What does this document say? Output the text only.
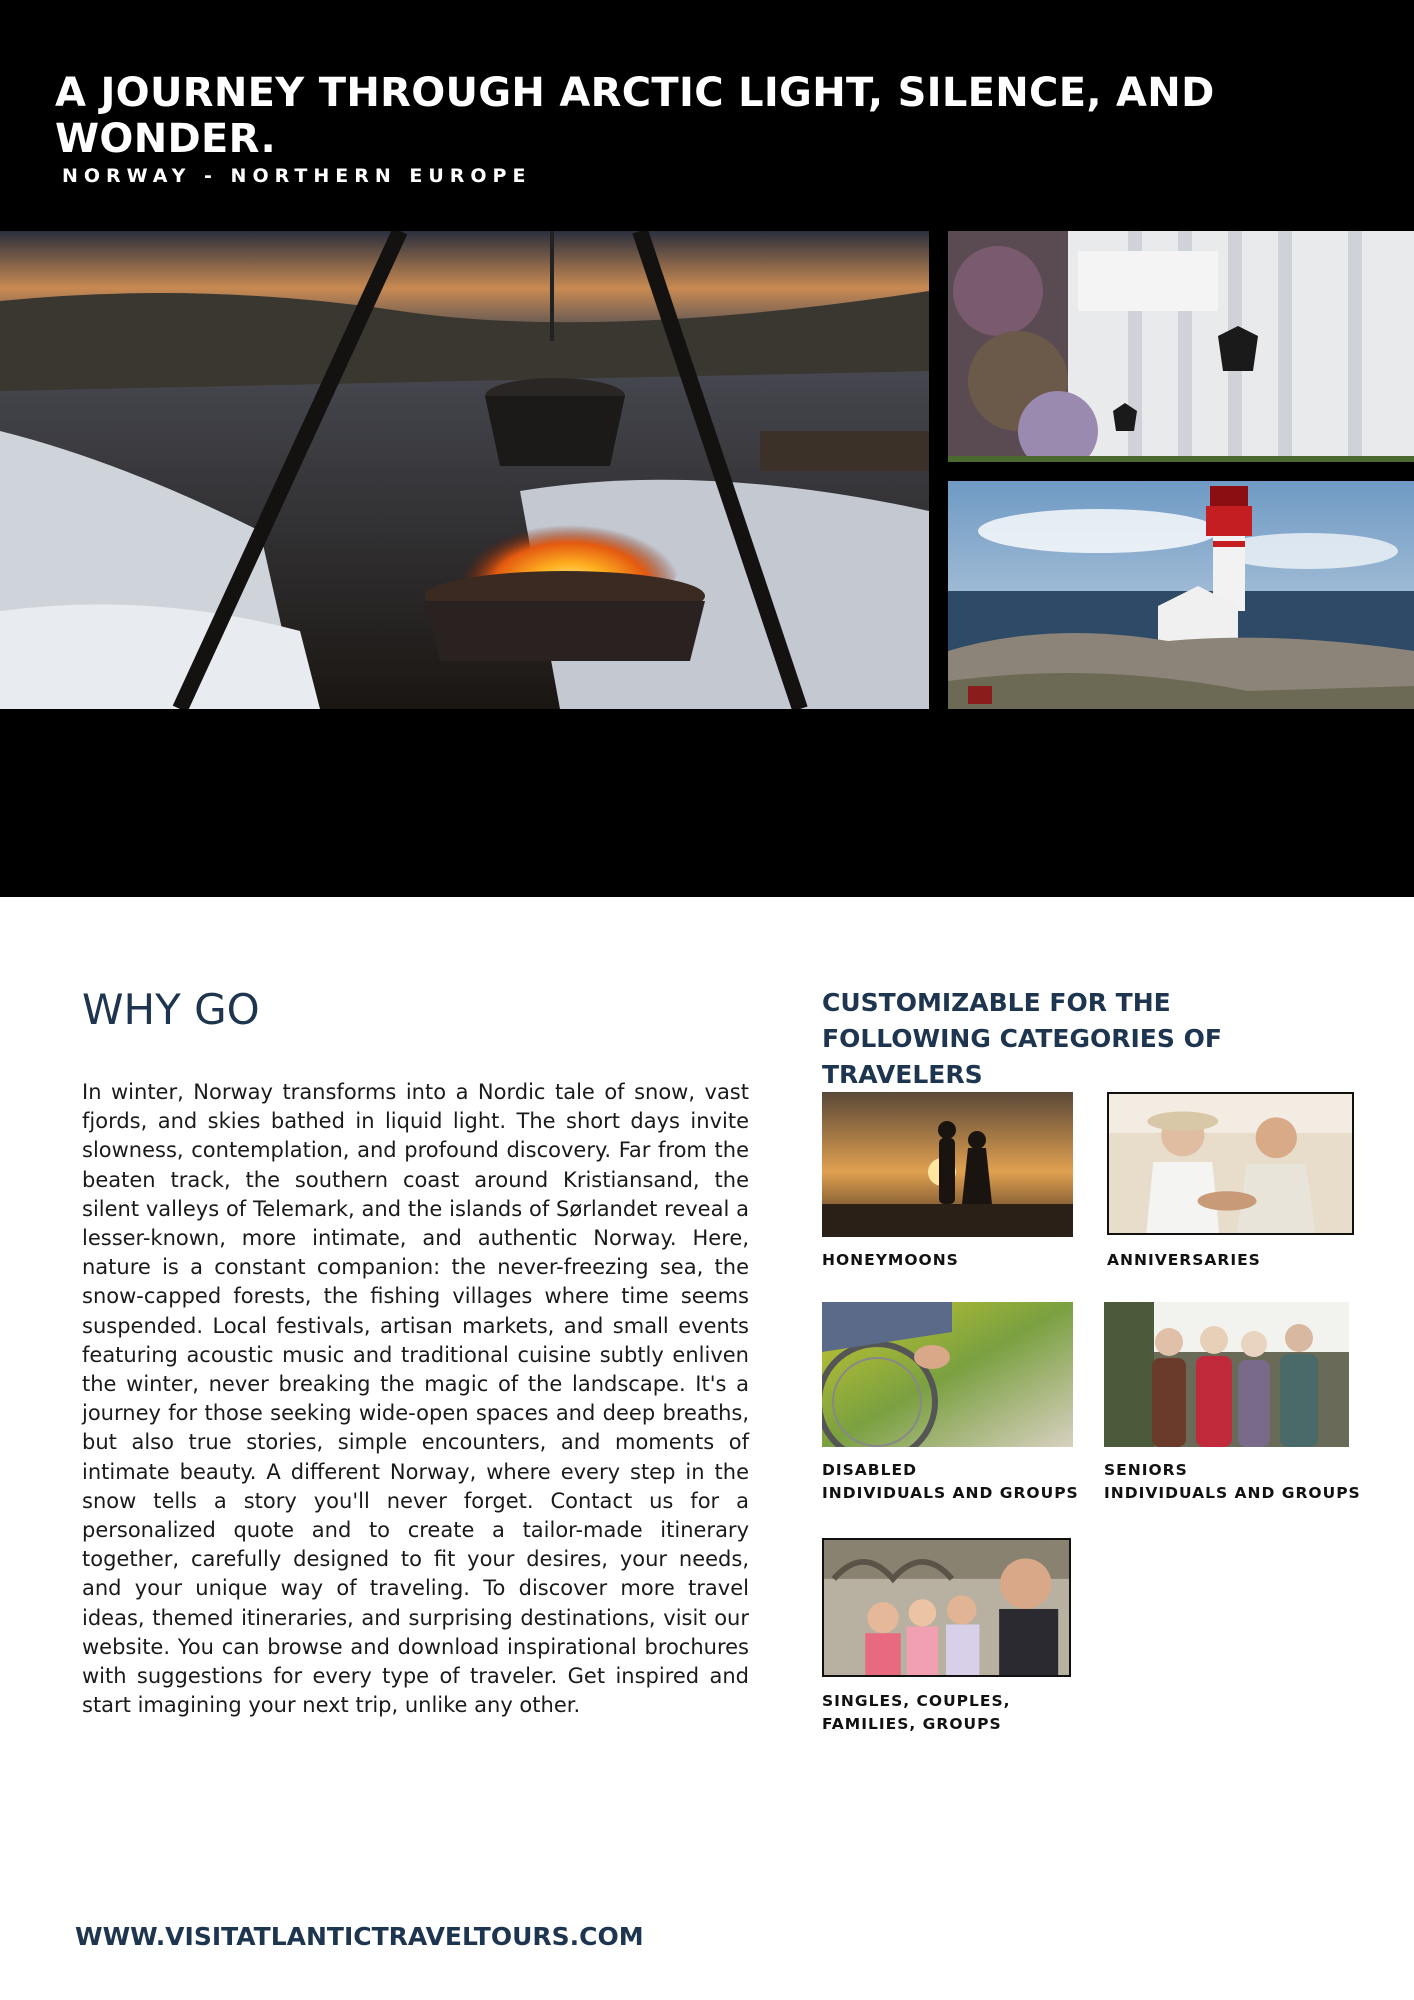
A JOURNEY THROUGH ARCTIC LIGHT, SILENCE, AND WONDER.

NORWAY - NORTHERN EUROPE

WHY GO

In winter, Norway transforms into a Nordic tale of snow, vast fjords, and skies bathed in liquid light. The short days invite slowness, contemplation, and profound discovery. Far from the beaten track, the southern coast around Kristiansand, the silent valleys of Telemark, and the islands of Sørlandet reveal a lesser-known, more intimate, and authentic Norway. Here, nature is a constant companion: the never-freezing sea, the snow-capped forests, the fishing villages where time seems suspended. Local festivals, artisan markets, and small events featuring acoustic music and traditional cuisine subtly enliven the winter, never breaking the magic of the landscape. It's a journey for those seeking wide-open spaces and deep breaths, but also true stories, simple encounters, and moments of intimate beauty. A different Norway, where every step in the snow tells a story you'll never forget. Contact us for a personalized quote and to create a tailor-made itinerary together, carefully designed to fit your desires, your needs, and your unique way of traveling. To discover more travel ideas, themed itineraries, and surprising destinations, visit our website. You can browse and download inspirational brochures with suggestions for every type of traveler. Get inspired and start imagining your next trip, unlike any other.

CUSTOMIZABLE FOR THE FOLLOWING CATEGORIES OF TRAVELERS

HONEYMOONS	ANNIVERSARIES

DISABLED
INDIVIDUALS AND GROUPS

SENIORS
INDIVIDUALS AND GROUPS

SINGLES, COUPLES,
FAMILIES, GROUPS

WWW.VISITATLANTICTRAVELTOURS.COM
